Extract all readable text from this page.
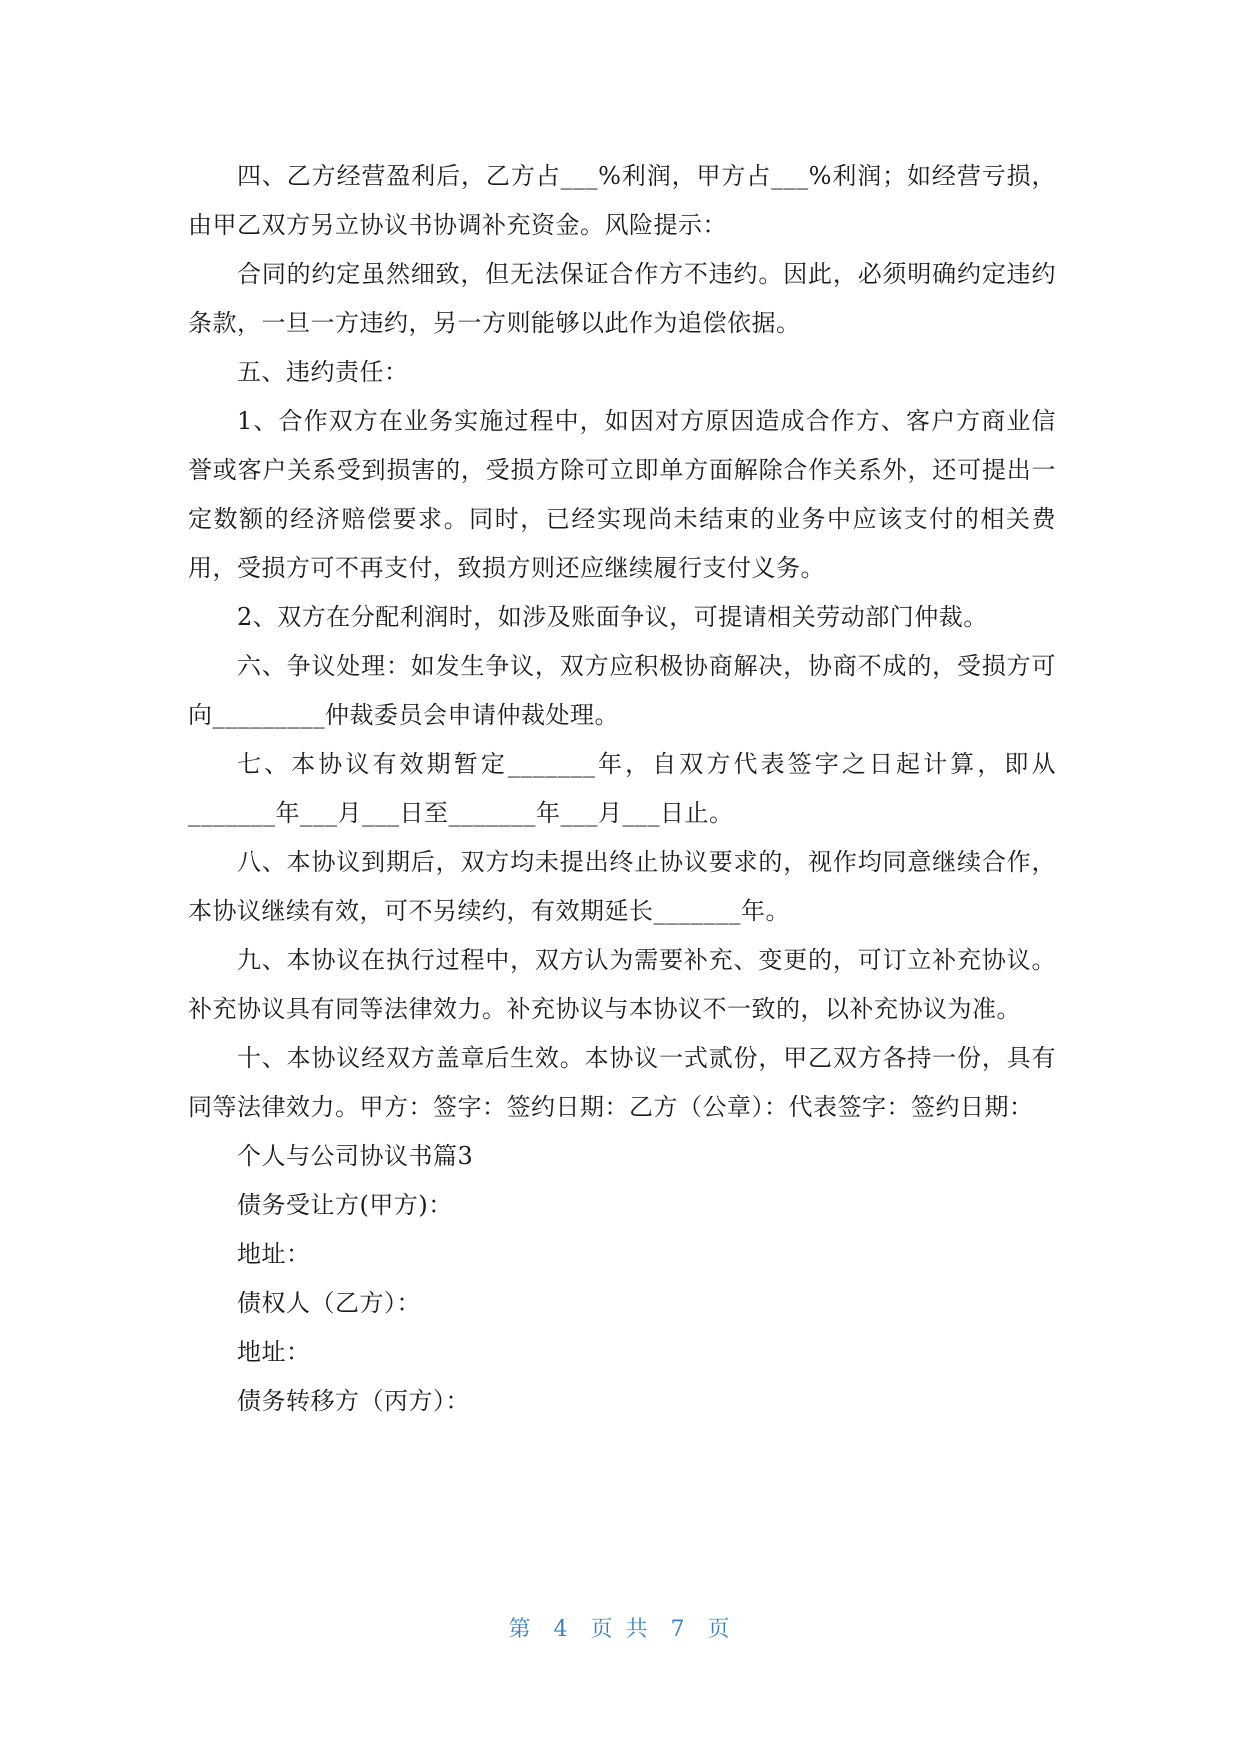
四、乙方经营盈利后，乙方占___%利润，甲方占___%利润；如经营亏损，由甲乙双方另立协议书协调补充资金。风险提示：

合同的约定虽然细致，但无法保证合作方不违约。因此，必须明确约定违约条款，一旦一方违约，另一方则能够以此作为追偿依据。

五、违约责任：

1、合作双方在业务实施过程中，如因对方原因造成合作方、客户方商业信誉或客户关系受到损害的，受损方除可立即单方面解除合作关系外，还可提出一定数额的经济赔偿要求。同时，已经实现尚未结束的业务中应该支付的相关费用，受损方可不再支付，致损方则还应继续履行支付义务。

2、双方在分配利润时，如涉及账面争议，可提请相关劳动部门仲裁。

六、争议处理：如发生争议，双方应积极协商解决，协商不成的，受损方可向_________仲裁委员会申请仲裁处理。

七、本协议有效期暂定_______年，自双方代表签字之日起计算，即从_______年___月___日至_______年___月___日止。

八、本协议到期后，双方均未提出终止协议要求的，视作均同意继续合作，本协议继续有效，可不另续约，有效期延长_______年。

九、本协议在执行过程中，双方认为需要补充、变更的，可订立补充协议。补充协议具有同等法律效力。补充协议与本协议不一致的，以补充协议为准。

十、本协议经双方盖章后生效。本协议一式贰份，甲乙双方各持一份，具有同等法律效力。甲方：签字：签约日期：乙方（公章）：代表签字：签约日期：

个人与公司协议书篇3

债务受让方(甲方)：

地址：

债权人（乙方）：

地址：

债务转移方（丙方）：

第 4 页 共 7 页
